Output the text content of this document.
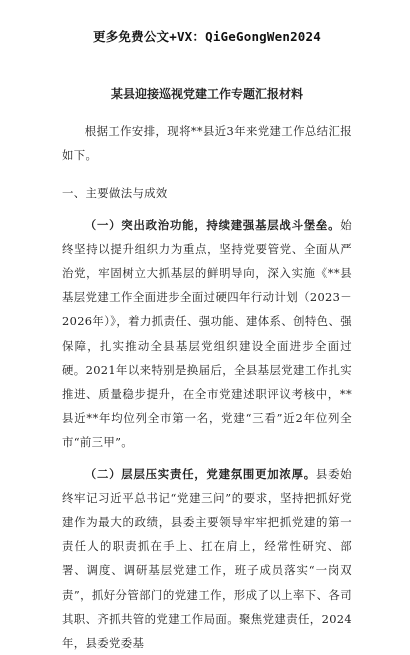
更多免费公文+VX：QiGeGongWen2024
某县迎接巡视党建工作专题汇报材料

根据工作安排，现将**县近3年来党建工作总结汇报如下。

一、主要做法与成效

（一）突出政治功能，持续建强基层战斗堡垒。始终坚持以提升组织力为重点，坚持党要管党、全面从严治党，牢固树立大抓基层的鲜明导向，深入实施《**县基层党建工作全面进步全面过硬四年行动计划（2023－2026年）》，着力抓责任、强功能、建体系、创特色、强保障，扎实推动全县基层党组织建设全面进步全面过硬。2021年以来特别是换届后，全县基层党建工作扎实推进、质量稳步提升，在全市党建述职评议考核中，**县近**年均位列全市第一名，党建“三看”近2年位列全市“前三甲”。

（二）层层压实责任，党建氛围更加浓厚。县委始终牢记习近平总书记“党建三问”的要求，坚持把抓好党建作为最大的政绩，县委主要领导牢牢把抓党建的第一责任人的职责抓在手上、扛在肩上，经常性研究、部署、调度、调研基层党建工作，班子成员落实“一岗双责”，抓好分管部门的党建工作，形成了以上率下、各司其职、齐抓共管的党建工作局面。聚焦党建责任，2024年，县委党委基
